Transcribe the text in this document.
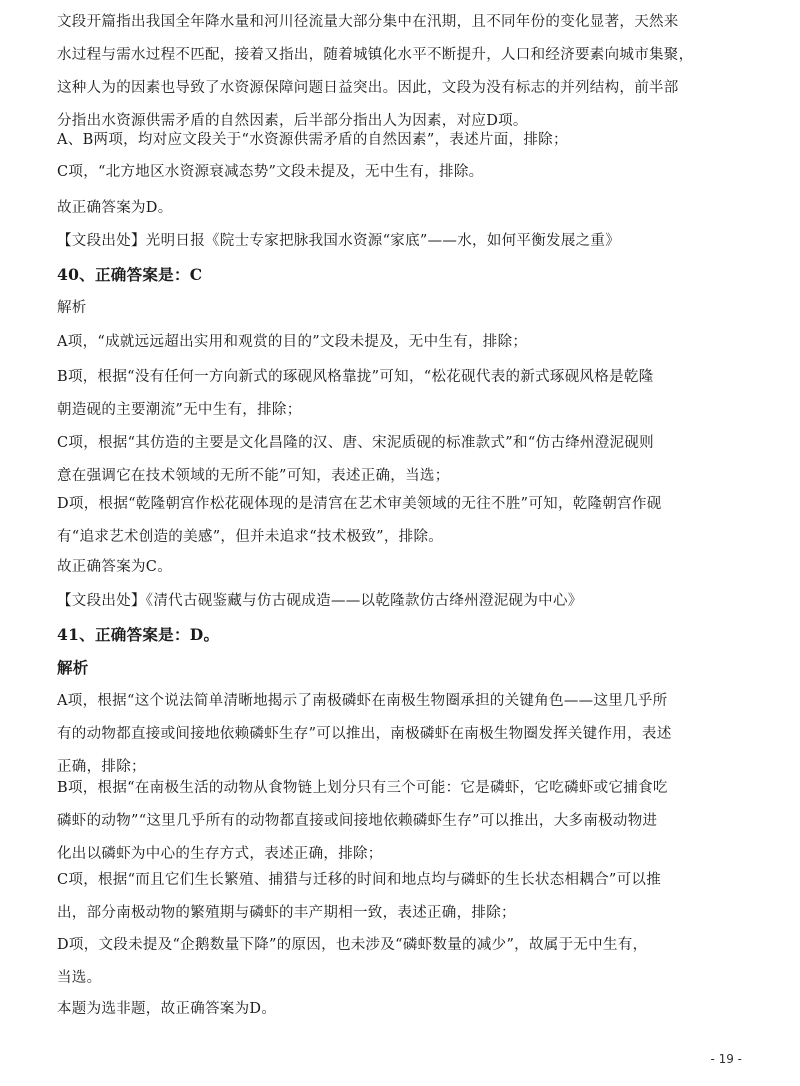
文段开篇指出我国全年降水量和河川径流量大部分集中在汛期，且不同年份的变化显著，天然来
水过程与需水过程不匹配，接着又指出，随着城镇化水平不断提升，人口和经济要素向城市集聚，
这种人为的因素也导致了水资源保障问题日益突出。因此，文段为没有标志的并列结构，前半部
分指出水资源供需矛盾的自然因素，后半部分指出人为因素，对应D项。

A、B两项，均对应文段关于“水资源供需矛盾的自然因素”，表述片面，排除；

C项，“北方地区水资源衰减态势”文段未提及，无中生有，排除。

故正确答案为D。

【文段出处】光明日报《院士专家把脉我国水资源“家底”——水，如何平衡发展之重》

40、正确答案是：C

解析

A项，“成就远远超出实用和观赏的目的”文段未提及，无中生有，排除；

B项，根据“没有任何一方向新式的琢砚风格靠拢”可知，“松花砚代表的新式琢砚风格是乾隆
朝造砚的主要潮流”无中生有，排除；

C项，根据“其仿造的主要是文化昌隆的汉、唐、宋泥质砚的标准款式”和“仿古绛州澄泥砚则
意在强调它在技术领域的无所不能”可知，表述正确，当选；

D项，根据“乾隆朝宫作松花砚体现的是清宫在艺术审美领域的无往不胜”可知，乾隆朝宫作砚
有“追求艺术创造的美感”，但并未追求“技术极致”，排除。

故正确答案为C。

【文段出处】《清代古砚鉴藏与仿古砚成造——以乾隆款仿古绛州澄泥砚为中心》

41、正确答案是：D。

解析

A项，根据“这个说法简单清晰地揭示了南极磷虾在南极生物圈承担的关键角色——这里几乎所
有的动物都直接或间接地依赖磷虾生存”可以推出，南极磷虾在南极生物圈发挥关键作用，表述
正确，排除；

B项，根据“在南极生活的动物从食物链上划分只有三个可能：它是磷虾，它吃磷虾或它捕食吃
磷虾的动物”“这里几乎所有的动物都直接或间接地依赖磷虾生存”可以推出，大多南极动物进
化出以磷虾为中心的生存方式，表述正确，排除；

C项，根据“而且它们生长繁殖、捕猎与迁移的时间和地点均与磷虾的生长状态相耦合”可以推
出，部分南极动物的繁殖期与磷虾的丰产期相一致，表述正确，排除；

D项，文段未提及“企鹅数量下降”的原因，也未涉及“磷虾数量的减少”，故属于无中生有，
当选。

本题为选非题，故正确答案为D。

- 19 -
